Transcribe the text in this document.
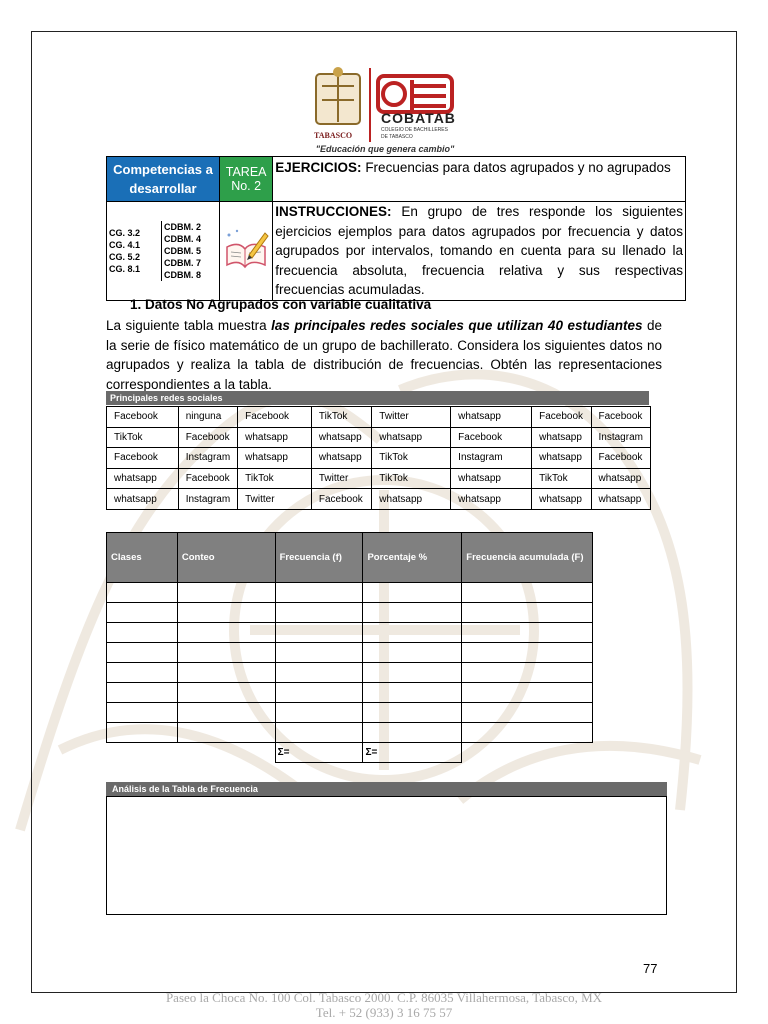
TABASCO
COBATAB
COLEGIO DE BACHILLERES
DE TABASCO
"Educación que genera cambio"
Competencias a desarrollar	TAREA No. 2	EJERCICIOS: Frecuencias para datos agrupados y no agrupados

CG. 3.2
CG. 4.1
CG. 5.2
CG. 8.1

CDBM. 2
CDBM. 4
CDBM. 5
CDBM. 7
CDBM. 8
		INSTRUCCIONES: En grupo de tres responde los siguientes ejercicios ejemplos para datos agrupados por frecuencia y datos agrupados por intervalos, tomando en cuenta para su llenado la frecuencia absoluta, frecuencia relativa y sus respectivas frecuencias acumuladas.
1. Datos No Agrupados con variable cualitativa
La siguiente tabla muestra las principales redes sociales que utilizan 40 estudiantes de la serie de físico matemático de un grupo de bachillerato. Considera los siguientes datos no agrupados y realiza la tabla de distribución de frecuencias. Obtén las representaciones correspondientes a la tabla.
Principales redes sociales
Facebook	ninguna	Facebook	TikTok	Twitter	whatsapp	Facebook	Facebook
TikTok	Facebook	whatsapp	whatsapp	whatsapp	Facebook	whatsapp	Instagram
Facebook	Instagram	whatsapp	whatsapp	TikTok	Instagram	whatsapp	Facebook
whatsapp	Facebook	TikTok	Twitter	TikTok	whatsapp	TikTok	whatsapp
whatsapp	Instagram	Twitter	Facebook	whatsapp	whatsapp	whatsapp	whatsapp
Clases	Conteo	Frecuencia (f)	Porcentaje %	Frecuencia acumulada (F)

		Σ=	Σ=	
Análisis de la Tabla de Frecuencia
77
Paseo la Choca No. 100 Col. Tabasco 2000. C.P. 86035 Villahermosa, Tabasco, MX
Tel. + 52 (933) 3 16 75 57
